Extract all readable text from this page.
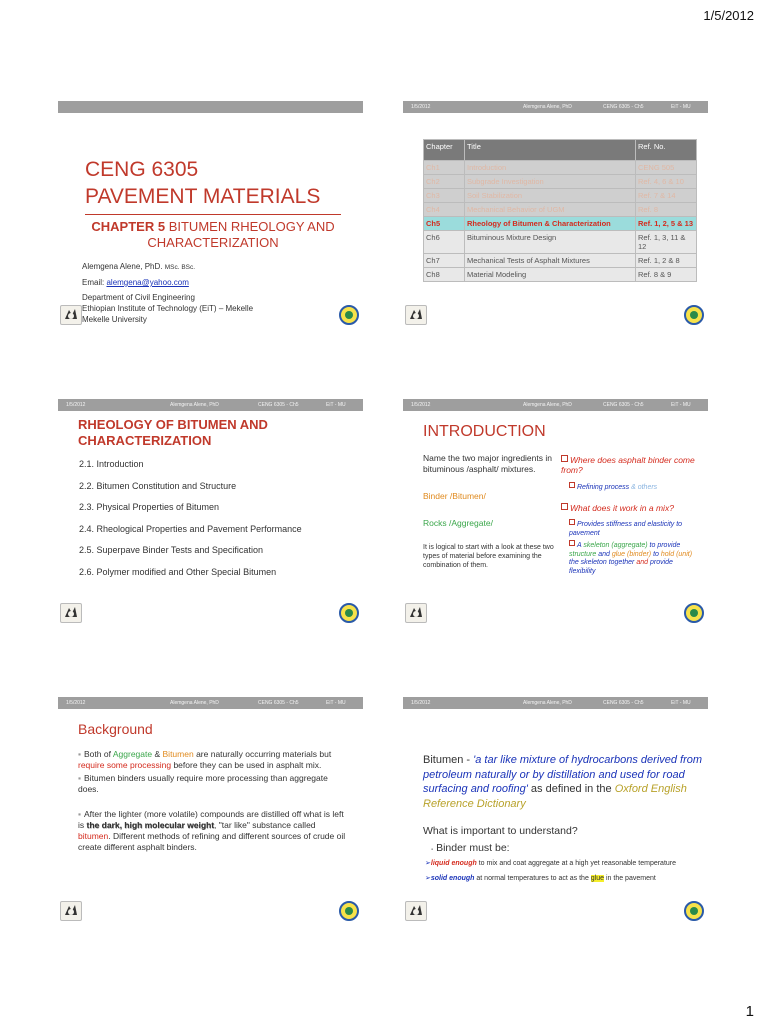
1/5/2012
CENG 6305
PAVEMENT MATERIALS
CHAPTER 5 BITUMEN RHEOLOGY AND
CHARACTERIZATION
Alemgena Alene, PhD. MSc. BSc.
Email: alemgena@yahoo.com
Department of Civil Engineering
Ethiopian Institute of Technology (EiT) – Mekelle
Mekelle University
1/5/2012	Alemgena Alene, PhD	CENG 6305 - Ch5	EiT - MU
Chapter	Title	Ref. No.
Ch1	Introduction	CENG 505
Ch2	Subgrade Investigation	Ref. 4, 6 & 10
Ch3	Soil Stabilization	Ref. 7 & 14
Ch4	Mechanical Behavior of UGM	Ref. 8
Ch5	Rheology of Bitumen & Characterization	Ref. 1, 2, 5 & 13
Ch6	Bituminous Mixture Design	Ref. 1, 3, 11 & 12
Ch7	Mechanical Tests of Asphalt Mixtures	Ref. 1, 2 & 8
Ch8	Material Modeling	Ref. 8 & 9
1/5/2012	Alemgena Alene, PhD	CENG 6305 - Ch5	EiT - MU
RHEOLOGY OF BITUMEN AND
CHARACTERIZATION
2.1. Introduction
2.2. Bitumen Constitution and Structure
2.3. Physical Properties of Bitumen
2.4. Rheological Properties and Pavement Performance
2.5. Superpave Binder Tests and Specification
2.6. Polymer modified and Other Special Bitumen
1/5/2012	Alemgena Alene, PhD	CENG 6305 - Ch5	EiT - MU
INTRODUCTION
Name the two major ingredients in bituminous /asphalt/ mixtures.
Binder /Bitumen/
Rocks /Aggregate/
It is logical to start with a look at these two types of material before examining the combination of them.
Where does asphalt binder come from?
Refining process & others
What does it work in a mix?
Provides stiffness and elasticity to pavement
A skeleton (aggregate) to provide structure and glue (binder) to hold (unit) the skeleton together and provide flexibility
1/5/2012	Alemgena Alene, PhD	CENG 6305 - Ch5	EiT - MU
Background

▪ Both of Aggregate & Bitumen are naturally occurring materials but require some processing before they can be used in asphalt mix.

▪ Bitumen binders usually require more processing than aggregate does.

▪ After the lighter (more volatile) compounds are distilled off what is left is the dark, high molecular weight, "tar like" substance called bitumen. Different methods of refining and different sources of crude oil create different asphalt binders.

1/5/2012	Alemgena Alene, PhD	CENG 6305 - Ch5	EiT - MU
Bitumen - 'a tar like mixture of hydrocarbons derived from petroleum naturally or by distillation and used for road surfacing and roofing' as defined in the Oxford English Reference Dictionary
What is important to understand?
▪ Binder must be:

➢liquid enough to mix and coat aggregate at a high yet reasonable temperature

➢solid enough at normal temperatures to act as the glue in the pavement

1
